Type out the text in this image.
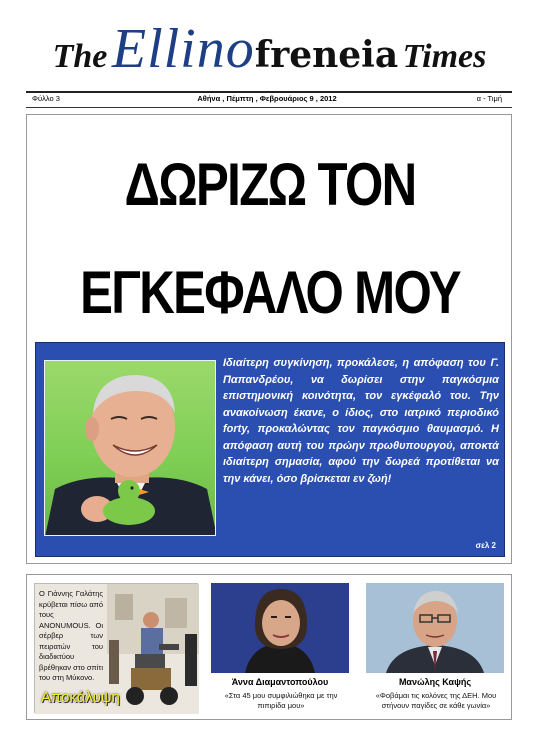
The Ellinofreneia Times
Φύλλο 3	Αθήνα , Πέμπτη , Φεβρουάριος 9 , 2012	α - Τιμή
ΔΩΡΙΖΩ ΤΟΝ
ΕΓΚΕΦΑΛΟ ΜΟΥ

Ιδιαίτερη συγκίνηση, προκάλεσε, η απόφαση του Γ. Παπανδρέου, να δωρίσει στην παγκόσμια επιστημονική κοινότητα, τον εγκέφαλό του. Την ανακοίνωση έκανε, ο ίδιος, στο ιατρικό περιοδικό forty, προκαλώντας τον παγκόσμιο θαυμασμό. Η απόφαση αυτή του πρώην πρωθυπουργού, αποκτά ιδιαίτερη σημασία, αφού την δωρεά προτίθεται να την κάνει, όσο βρίσκεται εν ζωή!

σελ 2

Ο Γιάννης Γαλάτης κρύβεται πίσω από τους ANONUMOUS. Οι σέρβερ των πειρατών του διαδικτύου βρέθηκαν στο σπίτι του στη Μύκονο.

Αποκάλυψη
Άννα Διαμαντοπούλου

«Στα 45 μου συμφιλιώθηκα με την πιπιρίδα μου»

Μανώλης Καψής

«Φοβάμαι τις κολόνες της ΔΕΗ. Μου στήνουν παγίδες σε κάθε γωνία»
